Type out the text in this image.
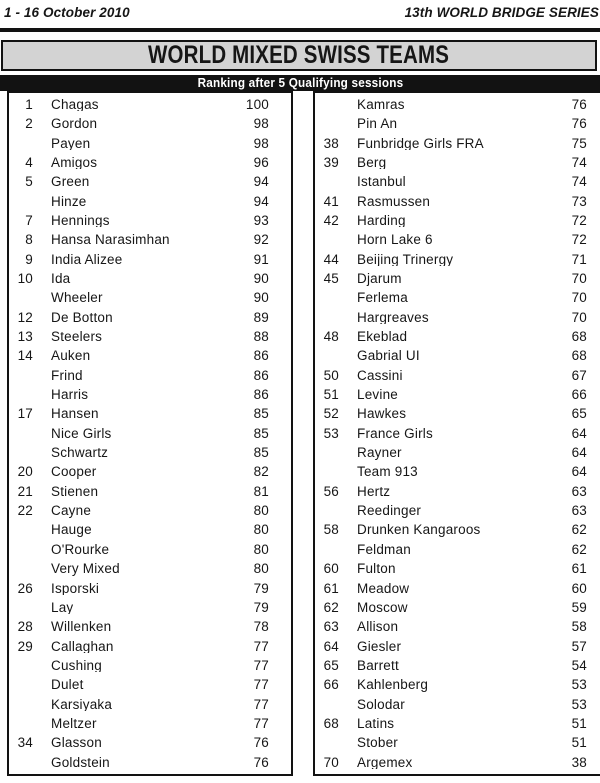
1 - 16 October 2010	13th WORLD BRIDGE SERIES
WORLD MIXED SWISS TEAMS
Ranking after 5 Qualifying sessions
1 Chagas	100
2 Gordon	98
Payen	98
4 Amigos	96
5 Green	94
Hinze	94
7 Hennings	93
8 Hansa Narasimhan	92
9 India Alizee	91
10 Ida	90
Wheeler	90
12 De Botton	89
13 Steelers	88
14 Auken	86
Frind	86
Harris	86
17 Hansen	85
Nice Girls	85
Schwartz	85
20 Cooper	82
21 Stienen	81
22 Cayne	80
Hauge	80
O'Rourke	80
Very Mixed	80
26 Isporski	79
Lay	79
28 Willenken	78
29 Callaghan	77
Cushing	77
Dulet	77
Karsiyaka	77
Meltzer	77
34 Glasson	76
Goldstein	76
Kamras	76
Pin An	76
38 Funbridge Girls FRA	75
39 Berg	74
Istanbul	74
41 Rasmussen	73
42 Harding	72
Horn Lake 6	72
44 Beijing Trinergy	71
45 Djarum	70
Ferlema	70
Hargreaves	70
48 Ekeblad	68
Gabrial UI	68
50 Cassini	67
51 Levine	66
52 Hawkes	65
53 France Girls	64
Rayner	64
Team 913	64
56 Hertz	63
Reedinger	63
58 Drunken Kangaroos	62
Feldman	62
60 Fulton	61
61 Meadow	60
62 Moscow	59
63 Allison	58
64 Giesler	57
65 Barrett	54
66 Kahlenberg	53
Solodar	53
68 Latins	51
Stober	51
70 Argemex	38
